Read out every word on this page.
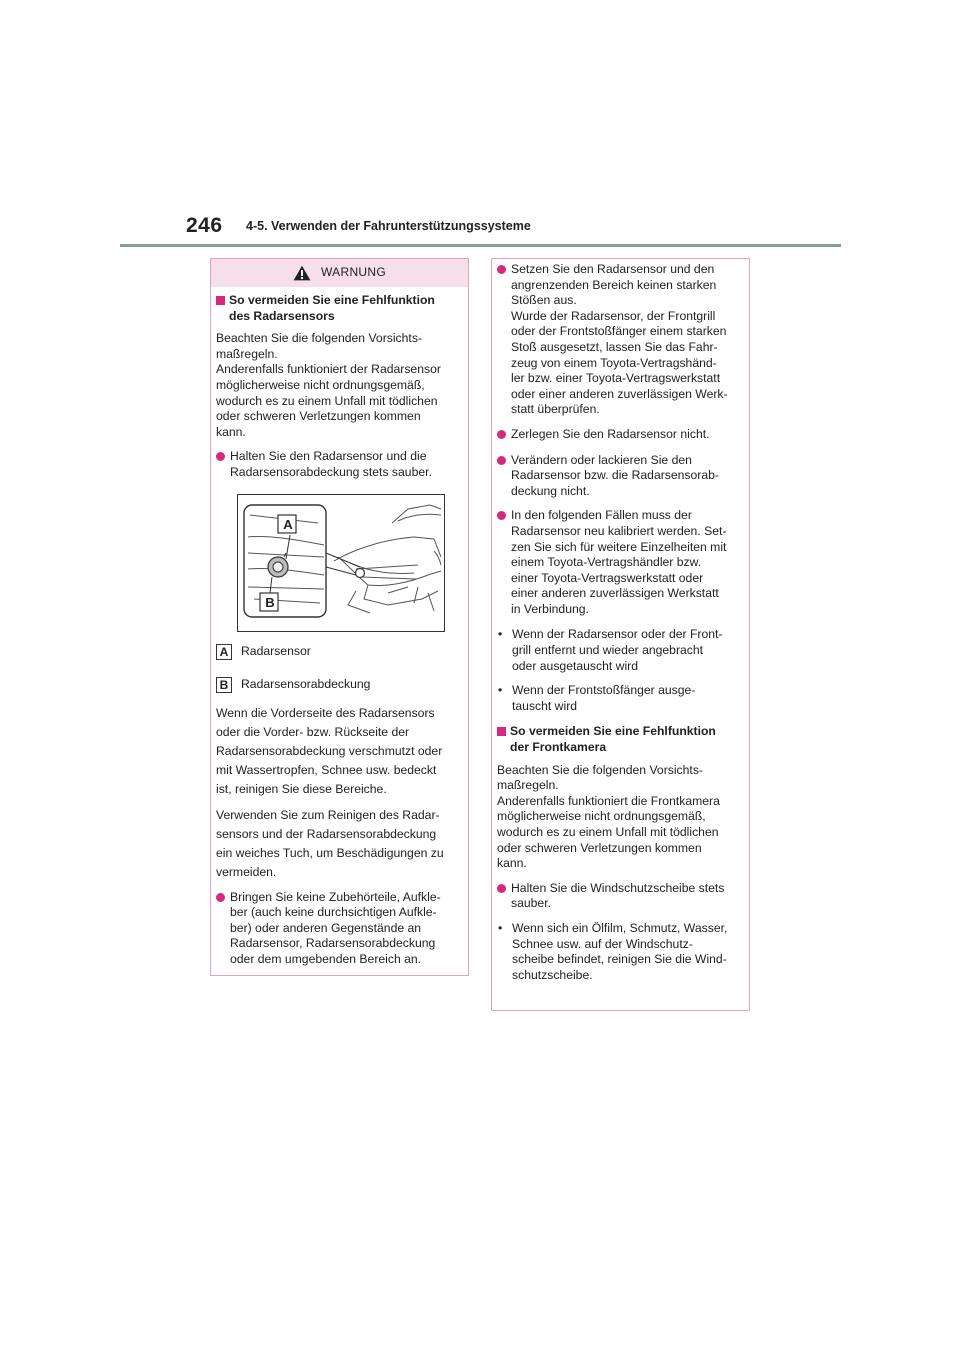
246 4-5. Verwenden der Fahrunterstützungssysteme
WARNUNG
So vermeiden Sie eine Fehlfunktion
des Radarsensors
Beachten Sie die folgenden Vorsichts-
maßregeln.
Anderenfalls funktioniert der Radarsensor
möglicherweise nicht ordnungsgemäß,
wodurch es zu einem Unfall mit tödlichen
oder schweren Verletzungen kommen
kann.
Halten Sie den Radarsensor und die
Radarsensorabdeckung stets sauber.
A
B
A	Radarsensor
B	Radarsensorabdeckung
Wenn die Vorderseite des Radarsensors
oder die Vorder- bzw. Rückseite der
Radarsensorabdeckung verschmutzt oder
mit Wassertropfen, Schnee usw. bedeckt
ist, reinigen Sie diese Bereiche.
Verwenden Sie zum Reinigen des Radar-
sensors und der Radarsensorabdeckung
ein weiches Tuch, um Beschädigungen zu
vermeiden.
Bringen Sie keine Zubehörteile, Aufkle-
ber (auch keine durchsichtigen Aufkle-
ber) oder anderen Gegenstände an
Radarsensor, Radarsensorabdeckung
oder dem umgebenden Bereich an.
Setzen Sie den Radarsensor und den
angrenzenden Bereich keinen starken
Stößen aus.
Wurde der Radarsensor, der Frontgrill
oder der Frontstoßfänger einem starken
Stoß ausgesetzt, lassen Sie das Fahr-
zeug von einem Toyota-Vertragshänd-
ler bzw. einer Toyota-Vertragswerkstatt
oder einer anderen zuverlässigen Werk-
statt überprüfen.
Zerlegen Sie den Radarsensor nicht.
Verändern oder lackieren Sie den
Radarsensor bzw. die Radarsensorab-
deckung nicht.
In den folgenden Fällen muss der
Radarsensor neu kalibriert werden. Set-
zen Sie sich für weitere Einzelheiten mit
einem Toyota-Vertragshändler bzw.
einer Toyota-Vertragswerkstatt oder
einer anderen zuverlässigen Werkstatt
in Verbindung.
• Wenn der Radarsensor oder der Front-
grill entfernt und wieder angebracht
oder ausgetauscht wird
• Wenn der Frontstoßfänger ausge-
tauscht wird
So vermeiden Sie eine Fehlfunktion
der Frontkamera
Beachten Sie die folgenden Vorsichts-
maßregeln.
Anderenfalls funktioniert die Frontkamera
möglicherweise nicht ordnungsgemäß,
wodurch es zu einem Unfall mit tödlichen
oder schweren Verletzungen kommen
kann.
Halten Sie die Windschutzscheibe stets
sauber.
• Wenn sich ein Ölfilm, Schmutz, Wasser,
Schnee usw. auf der Windschutz-
scheibe befindet, reinigen Sie die Wind-
schutzscheibe.
